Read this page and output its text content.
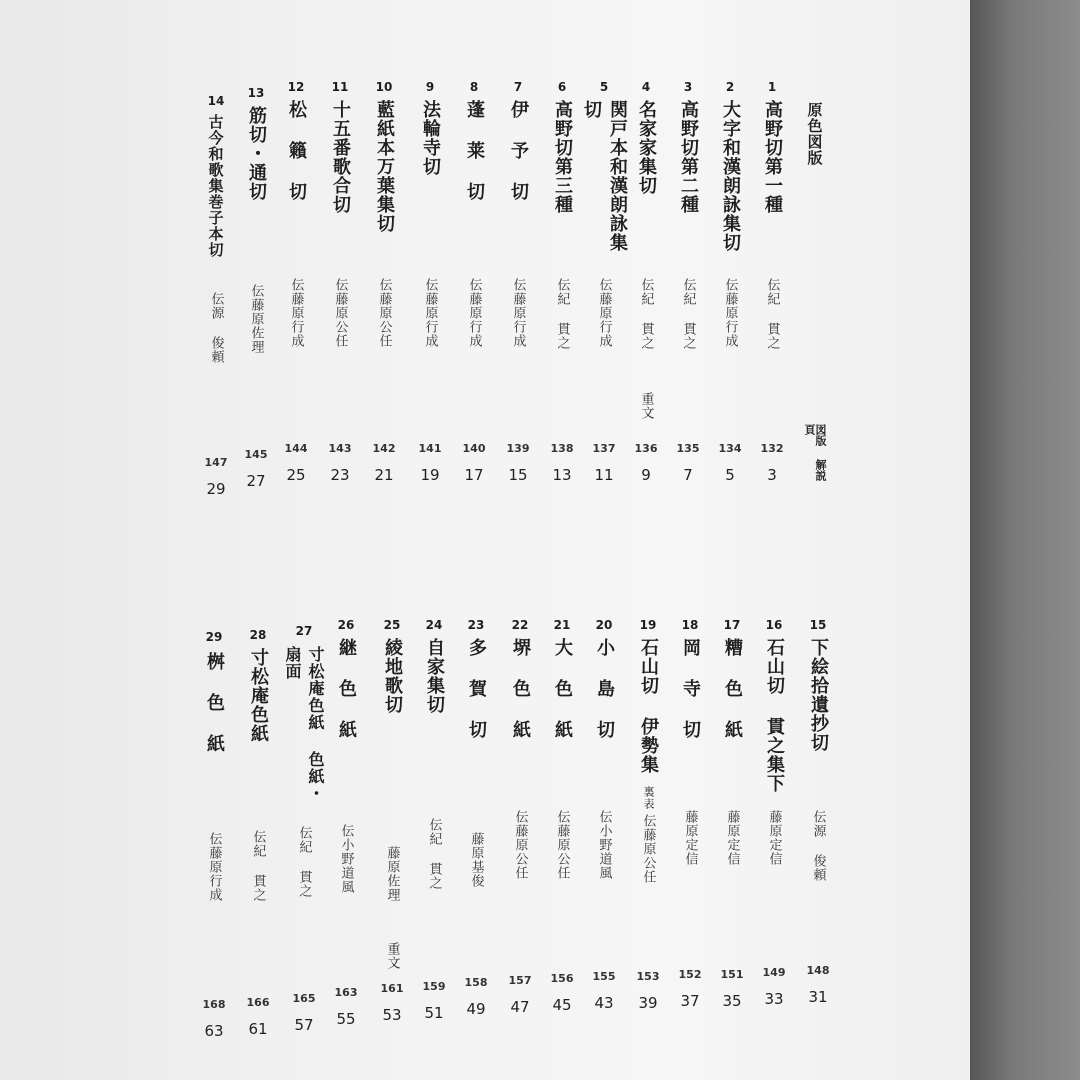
原色図版
図版 解説 頁
1
高野切第一種
伝紀 貫之
132
3
2
大字和漢朗詠集切
伝藤原行成
134
5
3
高野切第二種
伝紀 貫之
135
7
4
名家家集切
伝紀 貫之
重文
136
9
5
関戸本和漢朗詠集切
伝藤原行成
137
11
6
高野切第三種
伝紀 貫之
138
13
7
伊 予 切
伝藤原行成
139
15
8
蓬 莱 切
伝藤原行成
140
17
9
法輪寺切
伝藤原行成
141
19
10
藍紙本万葉集切
伝藤原公任
142
21
11
十五番歌合切
伝藤原公任
143
23
12
松 籟 切
伝藤原行成
144
25
13
筋切・通切
伝藤原佐理
145
27
14
古今和歌集巻子本切
伝源 俊頼
147
29
15
下絵拾遺抄切
伝源 俊頼
148
31
16
石山切 貫之集下
藤原定信
149
33
17
糟 色 紙
藤原定信
151
35
18
岡 寺 切
藤原定信
152
37
19
石山切 伊勢集
裏表
伝藤原公任
153
39
20
小 島 切
伝小野道風
155
43
21
大 色 紙
伝藤原公任
156
45
22
堺 色 紙
伝藤原公任
157
47
23
多 賀 切
藤原基俊
158
49
24
自家集切
伝紀 貫之
159
51
25
綾地歌切
藤原佐理
重文
161
53
26
継 色 紙
伝小野道風
163
55
27
寸松庵色紙 色紙・扇面
伝紀 貫之
165
57
28
寸松庵色紙
伝紀 貫之
166
61
29
桝 色 紙
伝藤原行成
168
63
